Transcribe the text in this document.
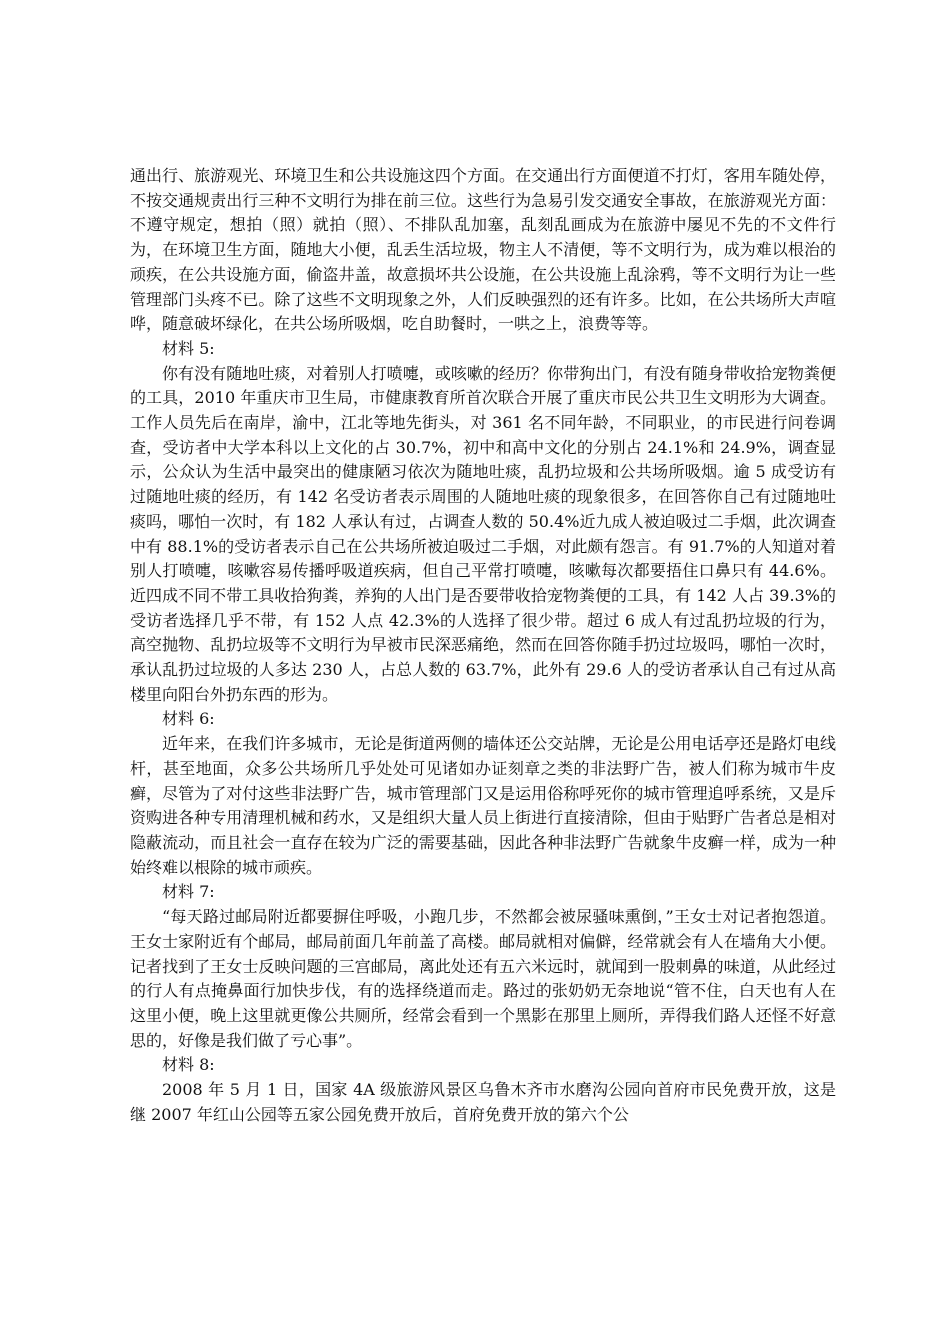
通出行、旅游观光、环境卫生和公共设施这四个方面。在交通出行方面便道不打灯，客用车随处停，不按交通规责出行三种不文明行为排在前三位。这些行为急易引发交通安全事故，在旅游观光方面：不遵守规定，想拍（照）就拍（照）、不排队乱加塞，乱刻乱画成为在旅游中屡见不先的不文件行为，在环境卫生方面，随地大小便，乱丢生活垃圾，物主人不清便，等不文明行为，成为难以根治的顽疾，在公共设施方面，偷盗井盖，故意损坏共公设施，在公共设施上乱涂鸦，等不文明行为让一些管理部门头疼不已。除了这些不文明现象之外，人们反映强烈的还有许多。比如，在公共场所大声喧哗，随意破坏绿化，在共公场所吸烟，吃自助餐时，一哄之上，浪费等等。

材料 5:

你有没有随地吐痰，对着别人打喷嚏，或咳嗽的经历？你带狗出门，有没有随身带收拾宠物粪便的工具，2010 年重庆市卫生局，市健康教育所首次联合开展了重庆市民公共卫生文明形为大调查。工作人员先后在南岸，渝中，江北等地先街头，对 361 名不同年龄，不同职业，的市民进行问卷调查，受访者中大学本科以上文化的占 30.7%，初中和高中文化的分别占 24.1%和 24.9%，调查显示，公众认为生活中最突出的健康陋习依次为随地吐痰，乱扔垃圾和公共场所吸烟。逾 5 成受访有过随地吐痰的经历，有 142 名受访者表示周围的人随地吐痰的现象很多，在回答你自己有过随地吐痰吗，哪怕一次时，有 182 人承认有过，占调查人数的 50.4%近九成人被迫吸过二手烟，此次调查中有 88.1%的受访者表示自己在公共场所被迫吸过二手烟，对此颇有怨言。有 91.7%的人知道对着别人打喷嚏，咳嗽容易传播呼吸道疾病，但自己平常打喷嚏，咳嗽每次都要捂住口鼻只有 44.6%。近四成不同不带工具收拾狗粪，养狗的人出门是否要带收拾宠物粪便的工具，有 142 人占 39.3%的受访者选择几乎不带，有 152 人点 42.3%的人选择了很少带。超过 6 成人有过乱扔垃圾的行为，高空抛物、乱扔垃圾等不文明行为早被市民深恶痛绝，然而在回答你随手扔过垃圾吗，哪怕一次时，承认乱扔过垃圾的人多达 230 人，占总人数的 63.7%，此外有 29.6 人的受访者承认自己有过从高楼里向阳台外扔东西的形为。

材料 6:

近年来，在我们许多城市，无论是街道两侧的墙体还公交站牌，无论是公用电话亭还是路灯电线杆，甚至地面，众多公共场所几乎处处可见诸如办证刻章之类的非法野广告，被人们称为城市牛皮癣，尽管为了对付这些非法野广告，城市管理部门又是运用俗称呼死你的城市管理追呼系统，又是斥资购进各种专用清理机械和药水，又是组织大量人员上街进行直接清除，但由于贴野广告者总是相对隐蔽流动，而且社会一直存在较为广泛的需要基础，因此各种非法野广告就象牛皮癣一样，成为一种始终难以根除的城市顽疾。

材料 7:

“每天路过邮局附近都要摒住呼吸，小跑几步，不然都会被尿骚味熏倒，”王女士对记者抱怨道。王女士家附近有个邮局，邮局前面几年前盖了高楼。邮局就相对偏僻，经常就会有人在墙角大小便。记者找到了王女士反映问题的三宫邮局，离此处还有五六米远时，就闻到一股刺鼻的味道，从此经过的行人有点掩鼻面行加快步伐，有的选择绕道而走。路过的张奶奶无奈地说“管不住，白天也有人在这里小便，晚上这里就更像公共厕所，经常会看到一个黑影在那里上厕所，弄得我们路人还怪不好意思的，好像是我们做了亏心事”。

材料 8:

2008 年 5 月 1 日，国家 4A 级旅游风景区乌鲁木齐市水磨沟公园向首府市民免费开放，这是继 2007 年红山公园等五家公园免费开放后，首府免费开放的第六个公
